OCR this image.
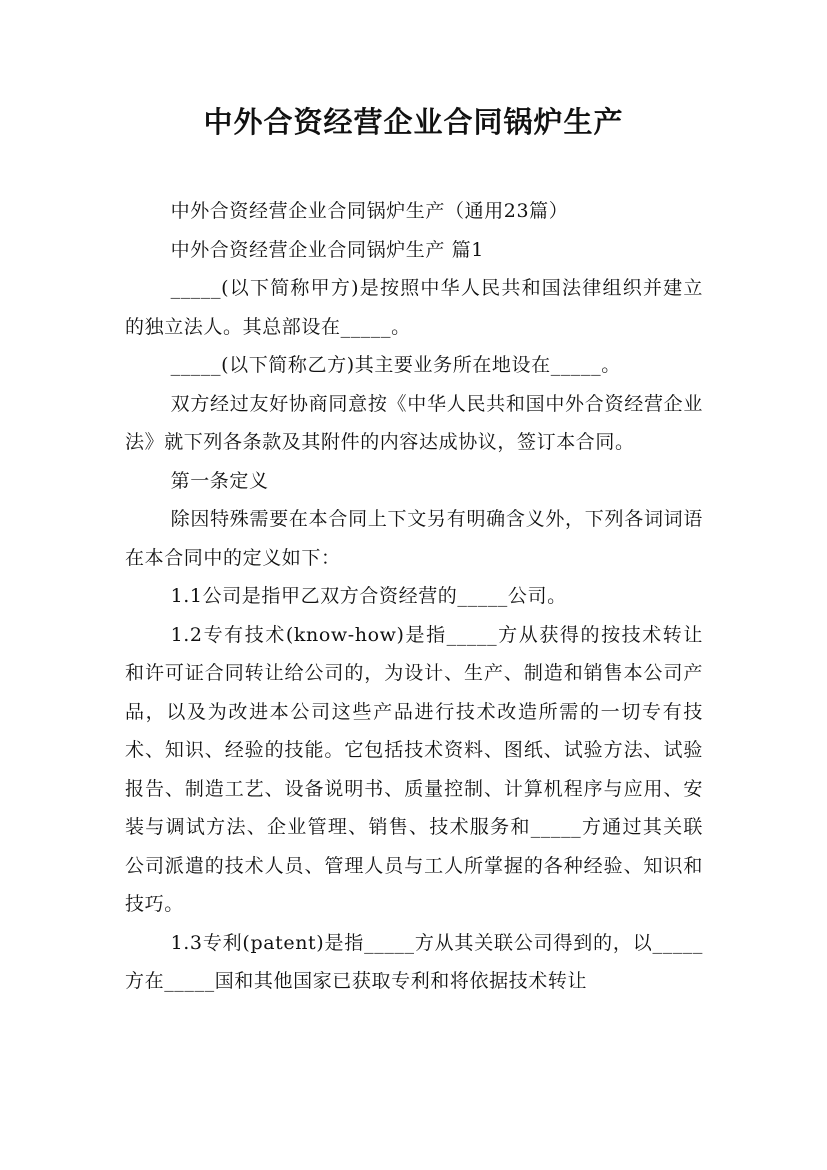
中外合资经营企业合同锅炉生产

中外合资经营企业合同锅炉生产（通用23篇）

中外合资经营企业合同锅炉生产 篇1

_____(以下简称甲方)是按照中华人民共和国法律组织并建立的独立法人。其总部设在_____。

_____(以下简称乙方)其主要业务所在地设在_____。

双方经过友好协商同意按《中华人民共和国中外合资经营企业法》就下列各条款及其附件的内容达成协议，签订本合同。

第一条定义

除因特殊需要在本合同上下文另有明确含义外，下列各词词语在本合同中的定义如下：

1.1公司是指甲乙双方合资经营的_____公司。

1.2专有技术(know-how)是指_____方从获得的按技术转让和许可证合同转让给公司的，为设计、生产、制造和销售本公司产品，以及为改进本公司这些产品进行技术改造所需的一切专有技术、知识、经验的技能。它包括技术资料、图纸、试验方法、试验报告、制造工艺、设备说明书、质量控制、计算机程序与应用、安装与调试方法、企业管理、销售、技术服务和_____方通过其关联公司派遣的技术人员、管理人员与工人所掌握的各种经验、知识和技巧。

1.3专利(patent)是指_____方从其关联公司得到的，以_____方在_____国和其他国家已获取专利和将依据技术转让
